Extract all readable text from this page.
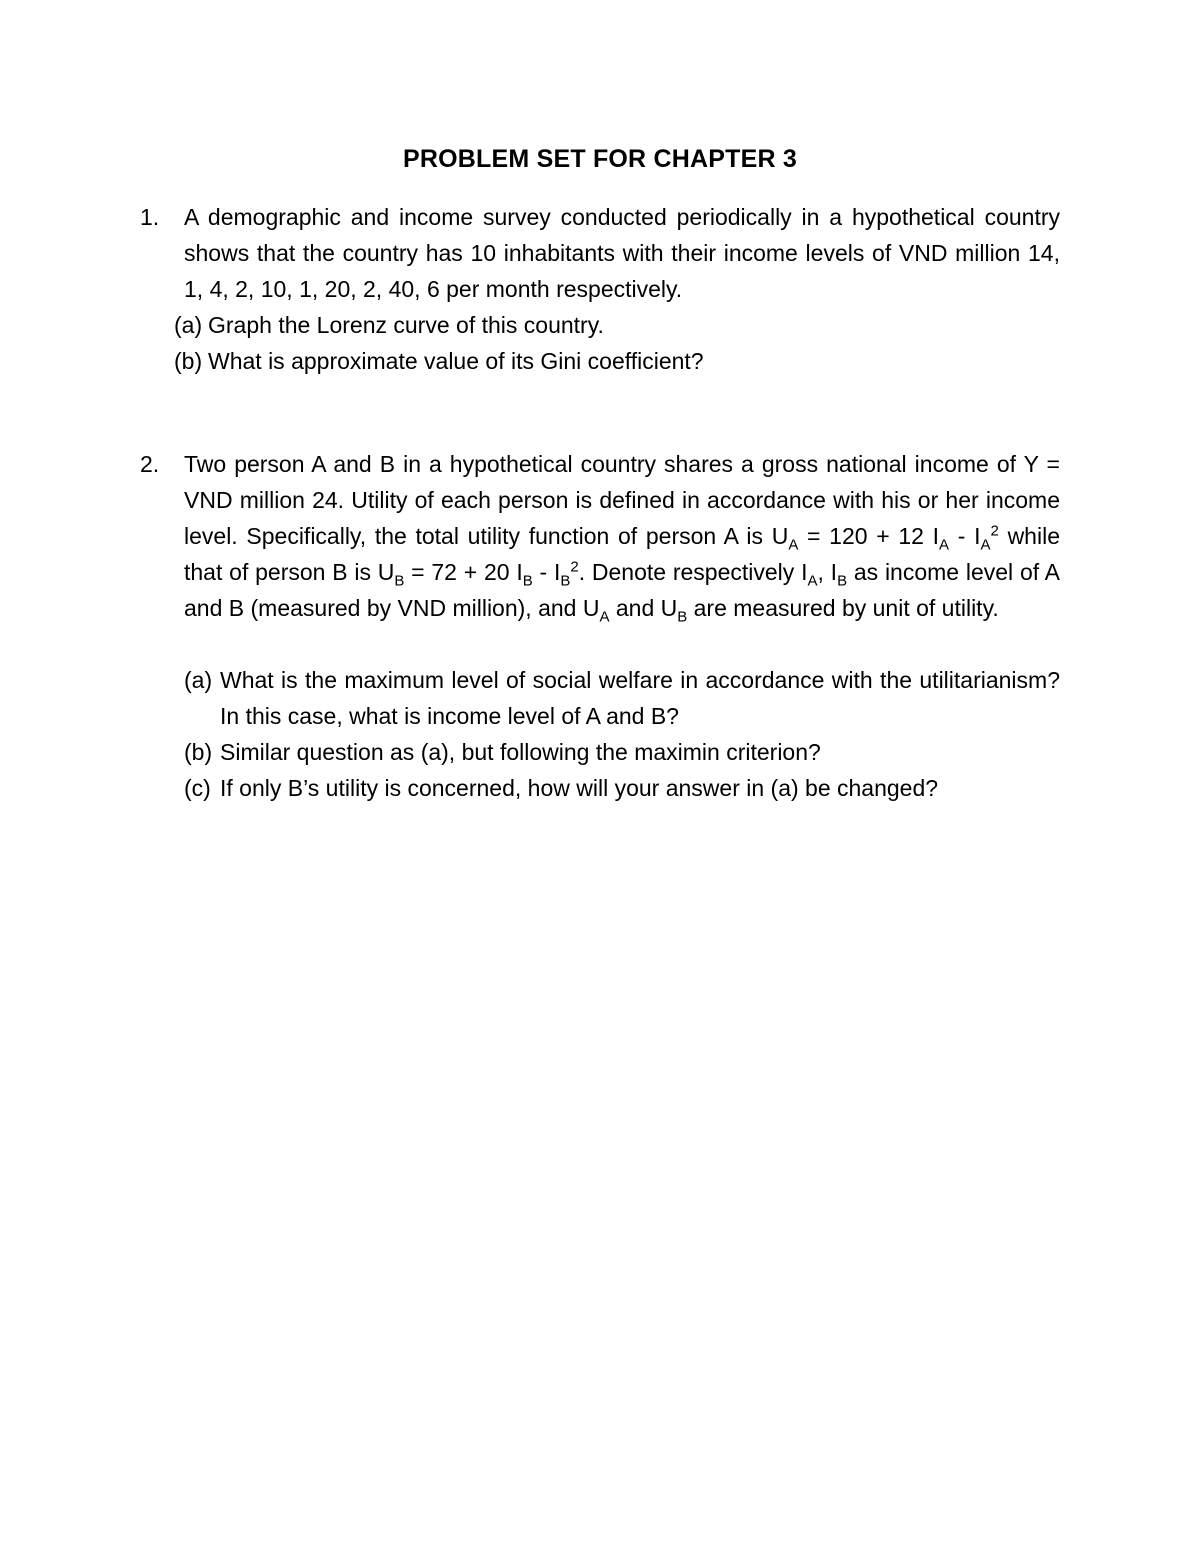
PROBLEM SET FOR CHAPTER 3
1. A demographic and income survey conducted periodically in a hypothetical country shows that the country has 10 inhabitants with their income levels of VND million 14, 1, 4, 2, 10, 1, 20, 2, 40, 6 per month respectively.
(a) Graph the Lorenz curve of this country.
(b) What is approximate value of its Gini coefficient?
2. Two person A and B in a hypothetical country shares a gross national income of Y = VND million 24. Utility of each person is defined in accordance with his or her income level. Specifically, the total utility function of person A is $U_A = 120 + 12$ $I_A - I_A^2$ while that of person B is $U_B = 72 + 20$ $I_B - I_B^2$. Denote respectively $I_A$, $I_B$ as income level of A and B (measured by VND million), and $U_A$ and $U_B$ are measured by unit of utility.
(a) What is the maximum level of social welfare in accordance with the utilitarianism? In this case, what is income level of A and B?
(b) Similar question as (a), but following the maximin criterion?
(c) If only B’s utility is concerned, how will your answer in (a) be changed?
